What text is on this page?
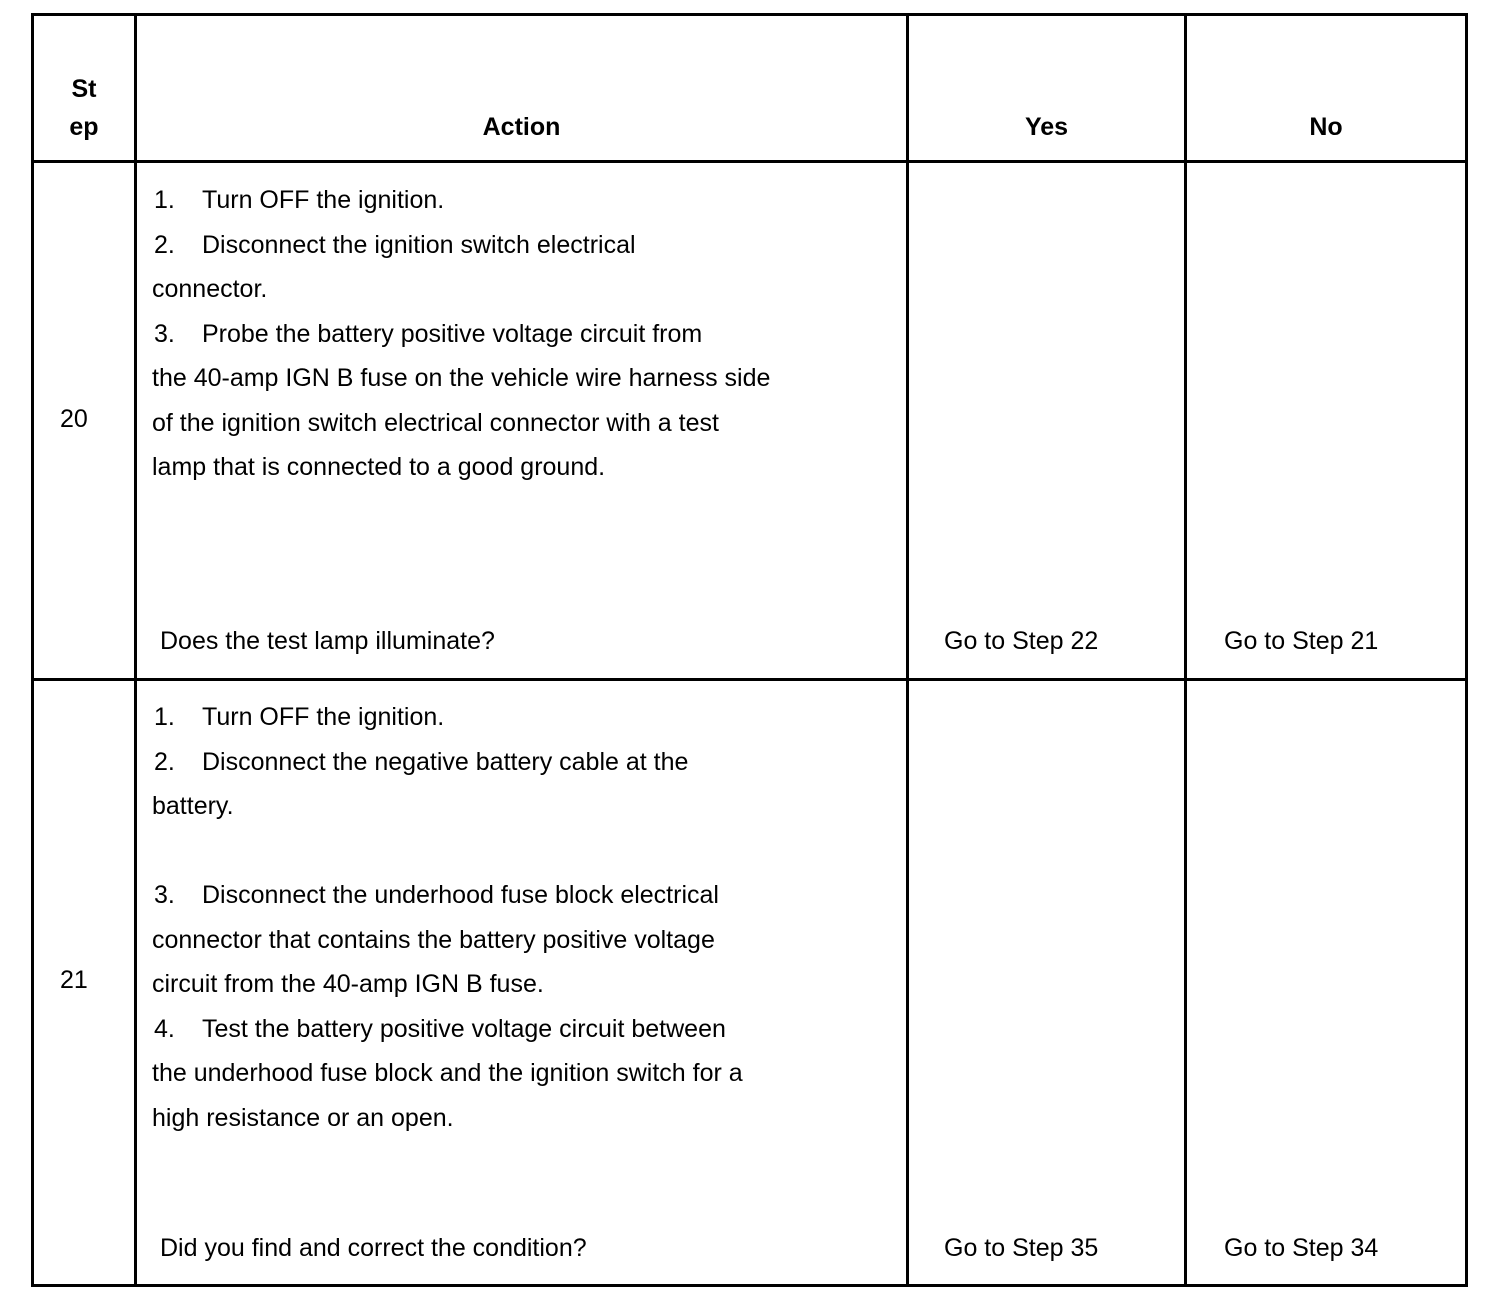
St
ep	Action	Yes	No
20
1. Turn OFF the ignition.
2. Disconnect the ignition switch electrical
connector.
3. Probe the battery positive voltage circuit from
the 40-amp IGN B fuse on the vehicle wire harness side
of the ignition switch electrical connector with a test
lamp that is connected to a good ground.
Does the test lamp illuminate?	Go to Step 22	Go to Step 21
21
1. Turn OFF the ignition.
2. Disconnect the negative battery cable at the
battery.
3. Disconnect the underhood fuse block electrical
connector that contains the battery positive voltage
circuit from the 40-amp IGN B fuse.
4. Test the battery positive voltage circuit between
the underhood fuse block and the ignition switch for a
high resistance or an open.
Did you find and correct the condition?	Go to Step 35	Go to Step 34
